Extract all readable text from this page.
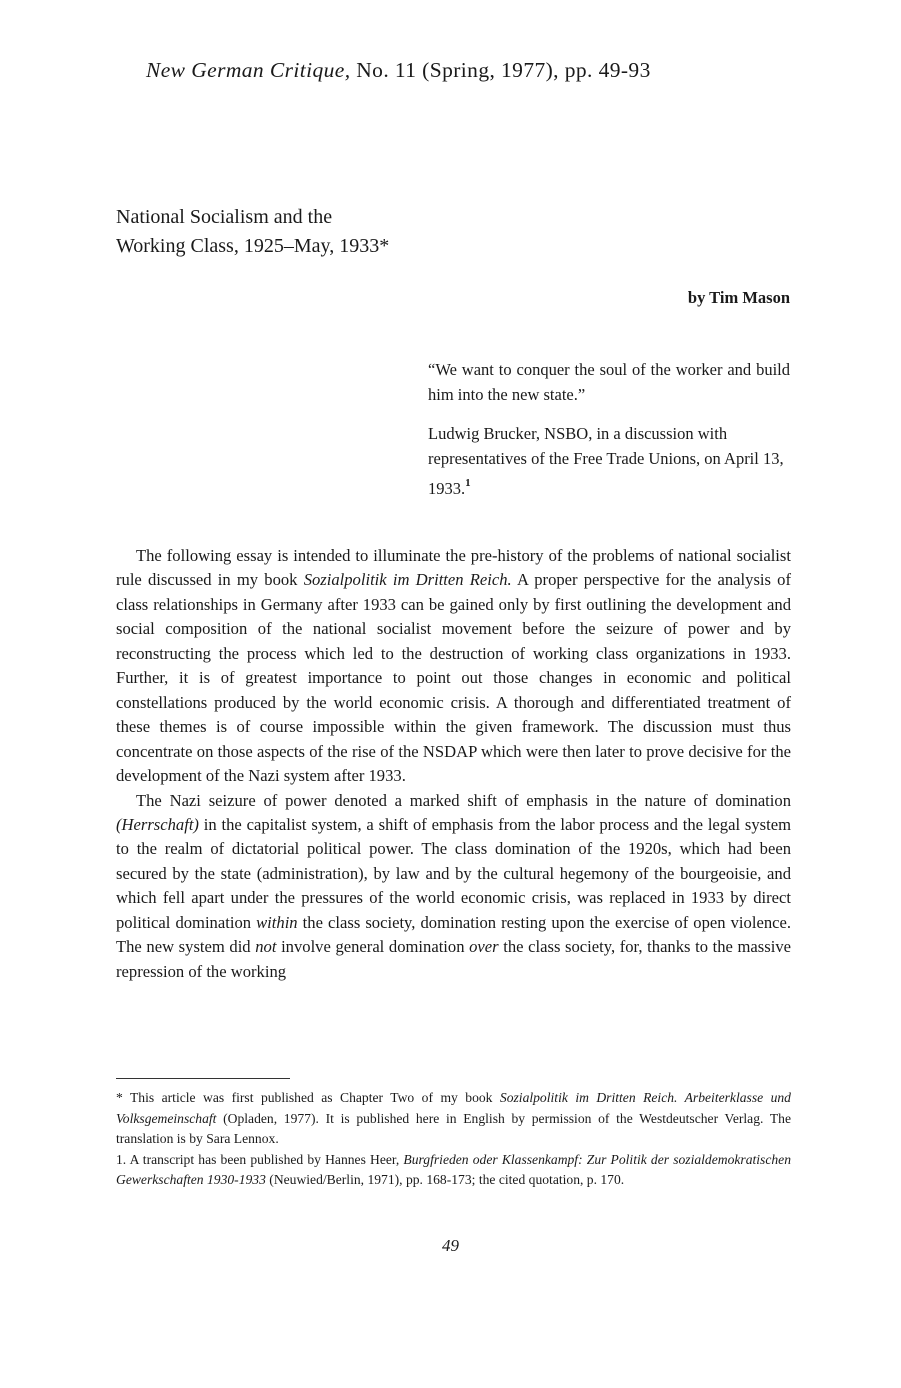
New German Critique, No. 11 (Spring, 1977), pp. 49-93
National Socialism and the
Working Class, 1925–May, 1933*
by Tim Mason
“We want to conquer the soul of the worker and build him into the new state.”
Ludwig Brucker, NSBO, in a discussion with representatives of the Free Trade Unions, on April 13, 1933.$^1$

The following essay is intended to illuminate the pre-history of the problems of national socialist rule discussed in my book Sozialpolitik im Dritten Reich. A proper perspective for the analysis of class relationships in Germany after 1933 can be gained only by first outlining the development and social composition of the national socialist movement before the seizure of power and by reconstructing the process which led to the destruction of working class organizations in 1933. Further, it is of greatest importance to point out those changes in economic and political constellations produced by the world economic crisis. A thorough and differentiated treatment of these themes is of course impossible within the given framework. The discussion must thus concentrate on those aspects of the rise of the NSDAP which were then later to prove decisive for the development of the Nazi system after 1933.

The Nazi seizure of power denoted a marked shift of emphasis in the nature of domination (Herrschaft) in the capitalist system, a shift of emphasis from the labor process and the legal system to the realm of dictatorial political power. The class domination of the 1920s, which had been secured by the state (administration), by law and by the cultural hegemony of the bourgeoisie, and which fell apart under the pressures of the world economic crisis, was replaced in 1933 by direct political domination within the class society, domination resting upon the exercise of open violence. The new system did not involve general domination over the class society, for, thanks to the massive repression of the working

* This article was first published as Chapter Two of my book Sozialpolitik im Dritten Reich. Arbeiterklasse und Volksgemeinschaft (Opladen, 1977). It is published here in English by permission of the Westdeutscher Verlag. The translation is by Sara Lennox.

1. A transcript has been published by Hannes Heer, Burgfrieden oder Klassenkampf: Zur Politik der sozialdemokratischen Gewerkschaften 1930-1933 (Neuwied/Berlin, 1971), pp. 168-173; the cited quotation, p. 170.

49
